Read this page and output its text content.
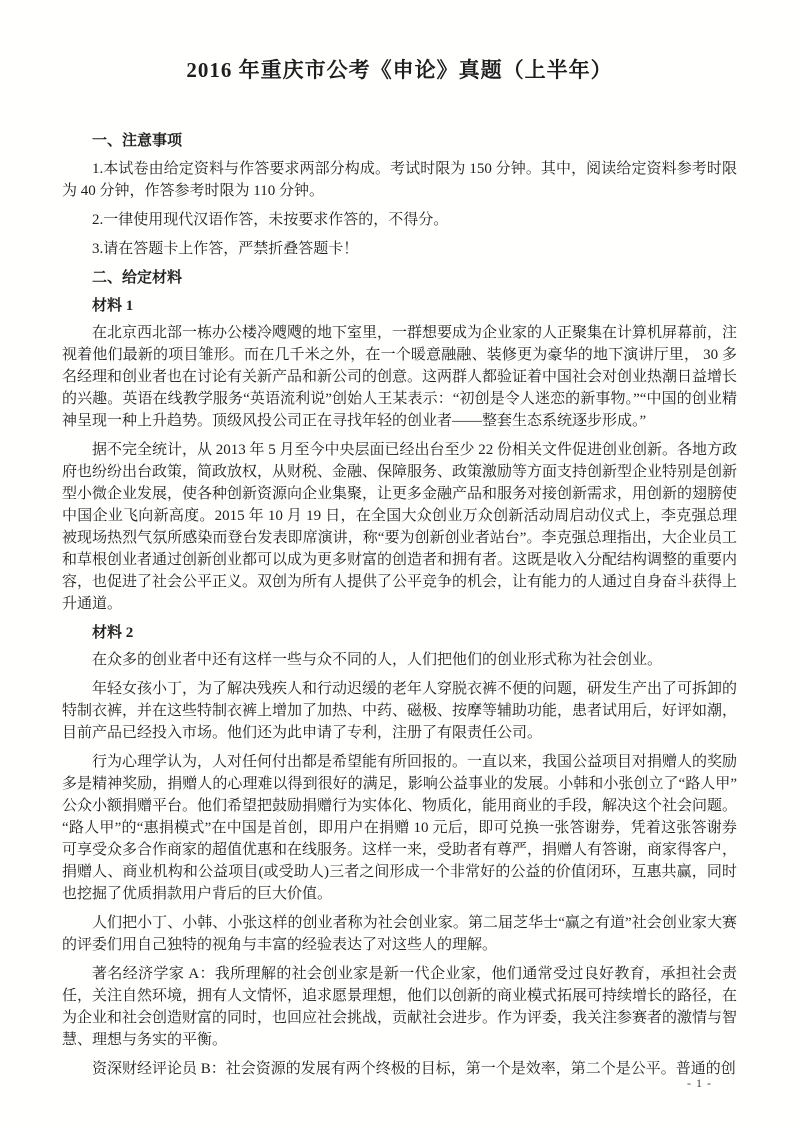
2016 年重庆市公考《申论》真题（上半年）
一、注意事项

1.本试卷由给定资料与作答要求两部分构成。考试时限为 150 分钟。其中，阅读给定资料参考时限为 40 分钟，作答参考时限为 110 分钟。

2.一律使用现代汉语作答，未按要求作答的，不得分。

3.请在答题卡上作答，严禁折叠答题卡！

二、给定材料
材料 1

在北京西北部一栋办公楼冷飕飕的地下室里，一群想要成为企业家的人正聚集在计算机屏幕前，注视着他们最新的项目雏形。而在几千米之外，在一个暖意融融、装修更为豪华的地下演讲厅里， 30 多名经理和创业者也在讨论有关新产品和新公司的创意。这两群人都验证着中国社会对创业热潮日益增长的兴趣。英语在线教学服务“英语流利说”创始人王某表示：“初创是令人迷恋的新事物。”“中国的创业精神呈现一种上升趋势。顶级风投公司正在寻找年轻的创业者——整套生态系统逐步形成。”

据不完全统计，从 2013 年 5 月至今中央层面已经出台至少 22 份相关文件促进创业创新。各地方政府也纷纷出台政策，简政放权，从财税、金融、保障服务、政策激励等方面支持创新型企业特别是创新型小微企业发展，使各种创新资源向企业集聚，让更多金融产品和服务对接创新需求，用创新的翅膀使中国企业飞向新高度。2015 年 10 月 19 日，在全国大众创业万众创新活动周启动仪式上，李克强总理被现场热烈气氛所感染而登台发表即席演讲，称“要为创新创业者站台”。李克强总理指出，大企业员工和草根创业者通过创新创业都可以成为更多财富的创造者和拥有者。这既是收入分配结构调整的重要内容，也促进了社会公平正义。双创为所有人提供了公平竞争的机会，让有能力的人通过自身奋斗获得上升通道。

材料 2

在众多的创业者中还有这样一些与众不同的人，人们把他们的创业形式称为社会创业。

年轻女孩小丁，为了解决残疾人和行动迟缓的老年人穿脱衣裤不便的问题，研发生产出了可拆卸的特制衣裤，并在这些特制衣裤上增加了加热、中药、磁极、按摩等辅助功能，患者试用后，好评如潮，目前产品已经投入市场。他们还为此申请了专利，注册了有限责任公司。

行为心理学认为，人对任何付出都是希望能有所回报的。一直以来，我国公益项目对捐赠人的奖励多是精神奖励，捐赠人的心理难以得到很好的满足，影响公益事业的发展。小韩和小张创立了“路人甲”公众小额捐赠平台。他们希望把鼓励捐赠行为实体化、物质化，能用商业的手段，解决这个社会问题。“路人甲”的“惠捐模式”在中国是首创，即用户在捐赠 10 元后，即可兑换一张答谢券，凭着这张答谢券可享受众多合作商家的超值优惠和在线服务。这样一来，受助者有尊严，捐赠人有答谢，商家得客户，捐赠人、商业机构和公益项目(或受助人)三者之间形成一个非常好的公益的价值闭环，互惠共赢，同时也挖掘了优质捐款用户背后的巨大价值。

人们把小丁、小韩、小张这样的创业者称为社会创业家。第二届芝华士“赢之有道”社会创业家大赛的评委们用自己独特的视角与丰富的经验表达了对这些人的理解。

著名经济学家 A：我所理解的社会创业家是新一代企业家，他们通常受过良好教育，承担社会责任，关注自然环境，拥有人文情怀，追求愿景理想，他们以创新的商业模式拓展可持续增长的路径，在为企业和社会创造财富的同时，也回应社会挑战，贡献社会进步。作为评委，我关注参赛者的激情与智慧、理想与务实的平衡。

资深财经评论员 B：社会资源的发展有两个终极的目标，第一个是效率，第二个是公平。普通的创

- 1 -
